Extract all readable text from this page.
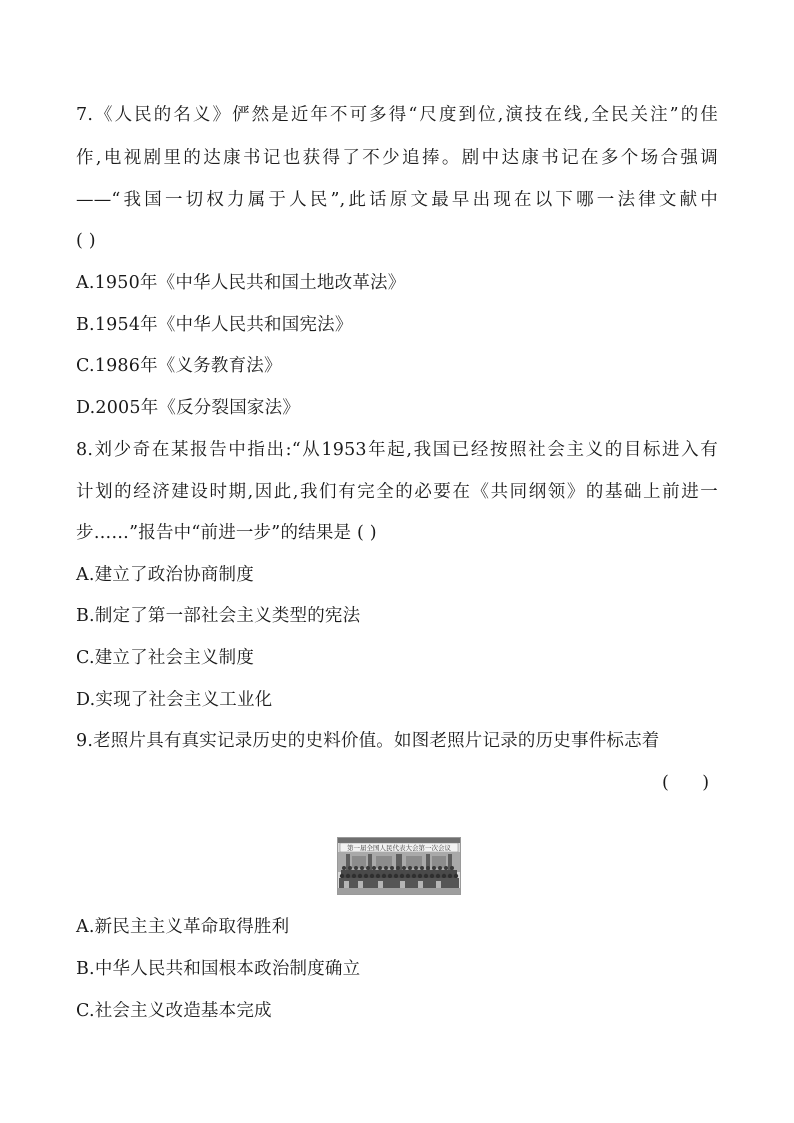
7.《人民的名义》俨然是近年不可多得“尺度到位,演技在线,全民关注”的佳
作,电视剧里的达康书记也获得了不少追捧。剧中达康书记在多个场合强调
——“我国一切权力属于人民”,此话原文最早出现在以下哪一法律文献中
( )
A.1950年《中华人民共和国土地改革法》
B.1954年《中华人民共和国宪法》
C.1986年《义务教育法》
D.2005年《反分裂国家法》
8.刘少奇在某报告中指出:“从1953年起,我国已经按照社会主义的目标进入有
计划的经济建设时期,因此,我们有完全的必要在《共同纲领》的基础上前进一
步……”报告中“前进一步”的结果是 ( )
A.建立了政治协商制度
B.制定了第一部社会主义类型的宪法
C.建立了社会主义制度
D.实现了社会主义工业化
9.老照片具有真实记录历史的史料价值。如图老照片记录的历史事件标志着
(      )
第一届全国人民代表大会第一次会议
A.新民主主义革命取得胜利
B.中华人民共和国根本政治制度确立
C.社会主义改造基本完成
